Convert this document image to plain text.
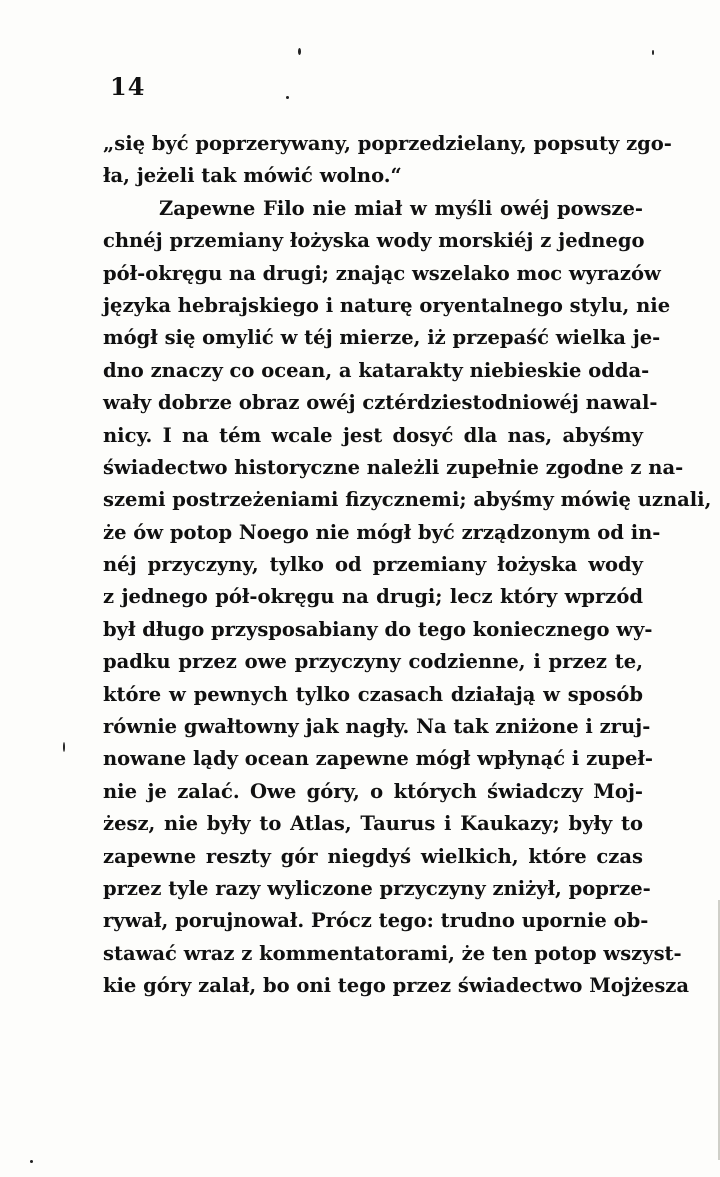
14
„się być poprzerywany, poprzedzielany, popsuty zgo-
ła, jeżeli tak mówić wolno.“
Zapewne Filo nie miał w myśli owéj powsze-
chnéj przemiany łożyska wody morskiéj z jednego
pół-okręgu na drugi; znając wszelako moc wyrazów
języka hebrajskiego i naturę oryentalnego stylu, nie
mógł się omylić w téj mierze, iż przepaść wielka je-
dno znaczy co ocean, a katarakty niebieskie odda-
wały dobrze obraz owéj cztérdziestodniowéj nawal-
nicy. I na tém wcale jest dosyć dla nas, abyśmy
świadectwo historyczne należli zupełnie zgodne z na-
szemi postrzeżeniami fizycznemi; abyśmy mówię uznali,
że ów potop Noego nie mógł być zrządzonym od in-
néj przyczyny, tylko od przemiany łożyska wody
z jednego pół-okręgu na drugi; lecz który wprzód
był długo przysposabiany do tego koniecznego wy-
padku przez owe przyczyny codzienne, i przez te,
które w pewnych tylko czasach działają w sposób
równie gwałtowny jak nagły. Na tak zniżone i zruj-
nowane lądy ocean zapewne mógł wpłynąć i zupeł-
nie je zalać. Owe góry, o których świadczy Moj-
żesz, nie były to Atlas, Taurus i Kaukazy; były to
zapewne reszty gór niegdyś wielkich, które czas
przez tyle razy wyliczone przyczyny zniżył, poprze-
rywał, porujnował. Prócz tego: trudno upornie ob-
stawać wraz z kommentatorami, że ten potop wszyst-
kie góry zalał, bo oni tego przez świadectwo Mojżesza
